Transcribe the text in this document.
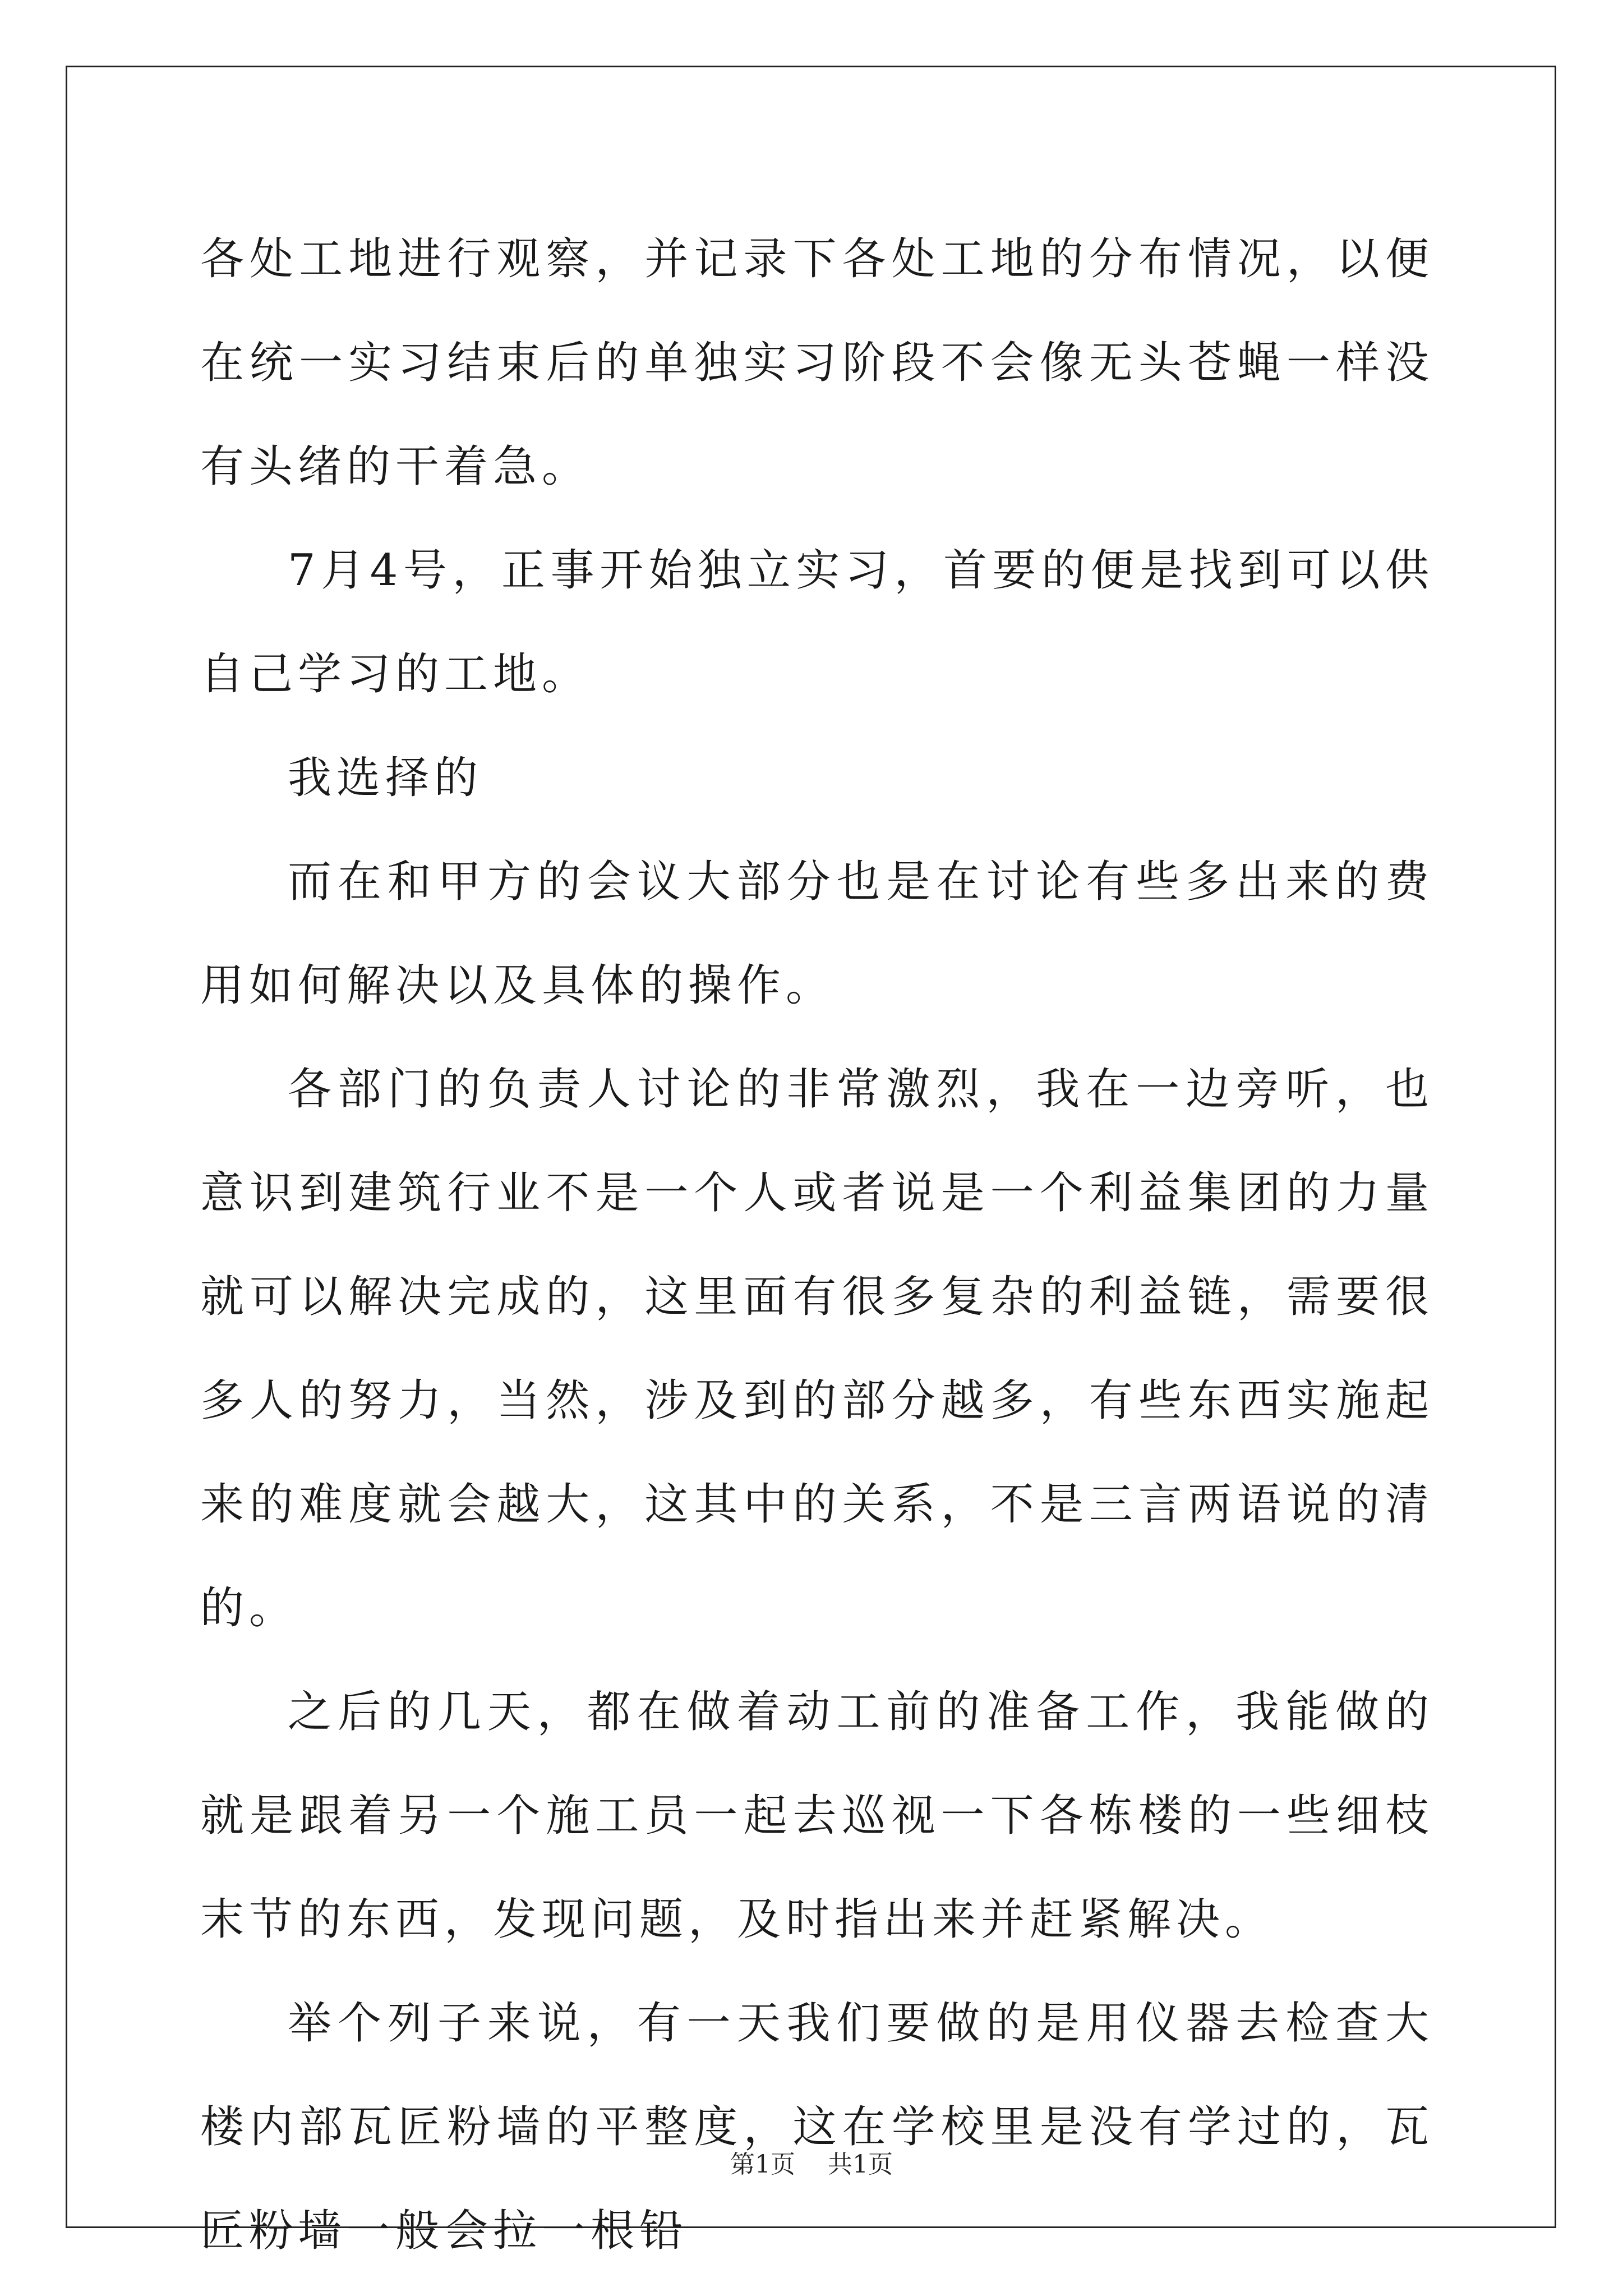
各处工地进行观察，并记录下各处工地的分布情况，以便在统一实习结束后的单独实习阶段不会像无头苍蝇一样没有头绪的干着急。

7月4号，正事开始独立实习，首要的便是找到可以供自己学习的工地。

我选择的

而在和甲方的会议大部分也是在讨论有些多出来的费用如何解决以及具体的操作。

各部门的负责人讨论的非常激烈，我在一边旁听，也意识到建筑行业不是一个人或者说是一个利益集团的力量就可以解决完成的，这里面有很多复杂的利益链，需要很多人的努力，当然，涉及到的部分越多，有些东西实施起来的难度就会越大，这其中的关系，不是三言两语说的清的。

之后的几天，都在做着动工前的准备工作，我能做的就是跟着另一个施工员一起去巡视一下各栋楼的一些细枝末节的东西，发现问题，及时指出来并赶紧解决。

举个列子来说，有一天我们要做的是用仪器去检查大楼内部瓦匠粉墙的平整度，这在学校里是没有学过的，瓦匠粉墙一般会拉一根铅

第1页 共1页
